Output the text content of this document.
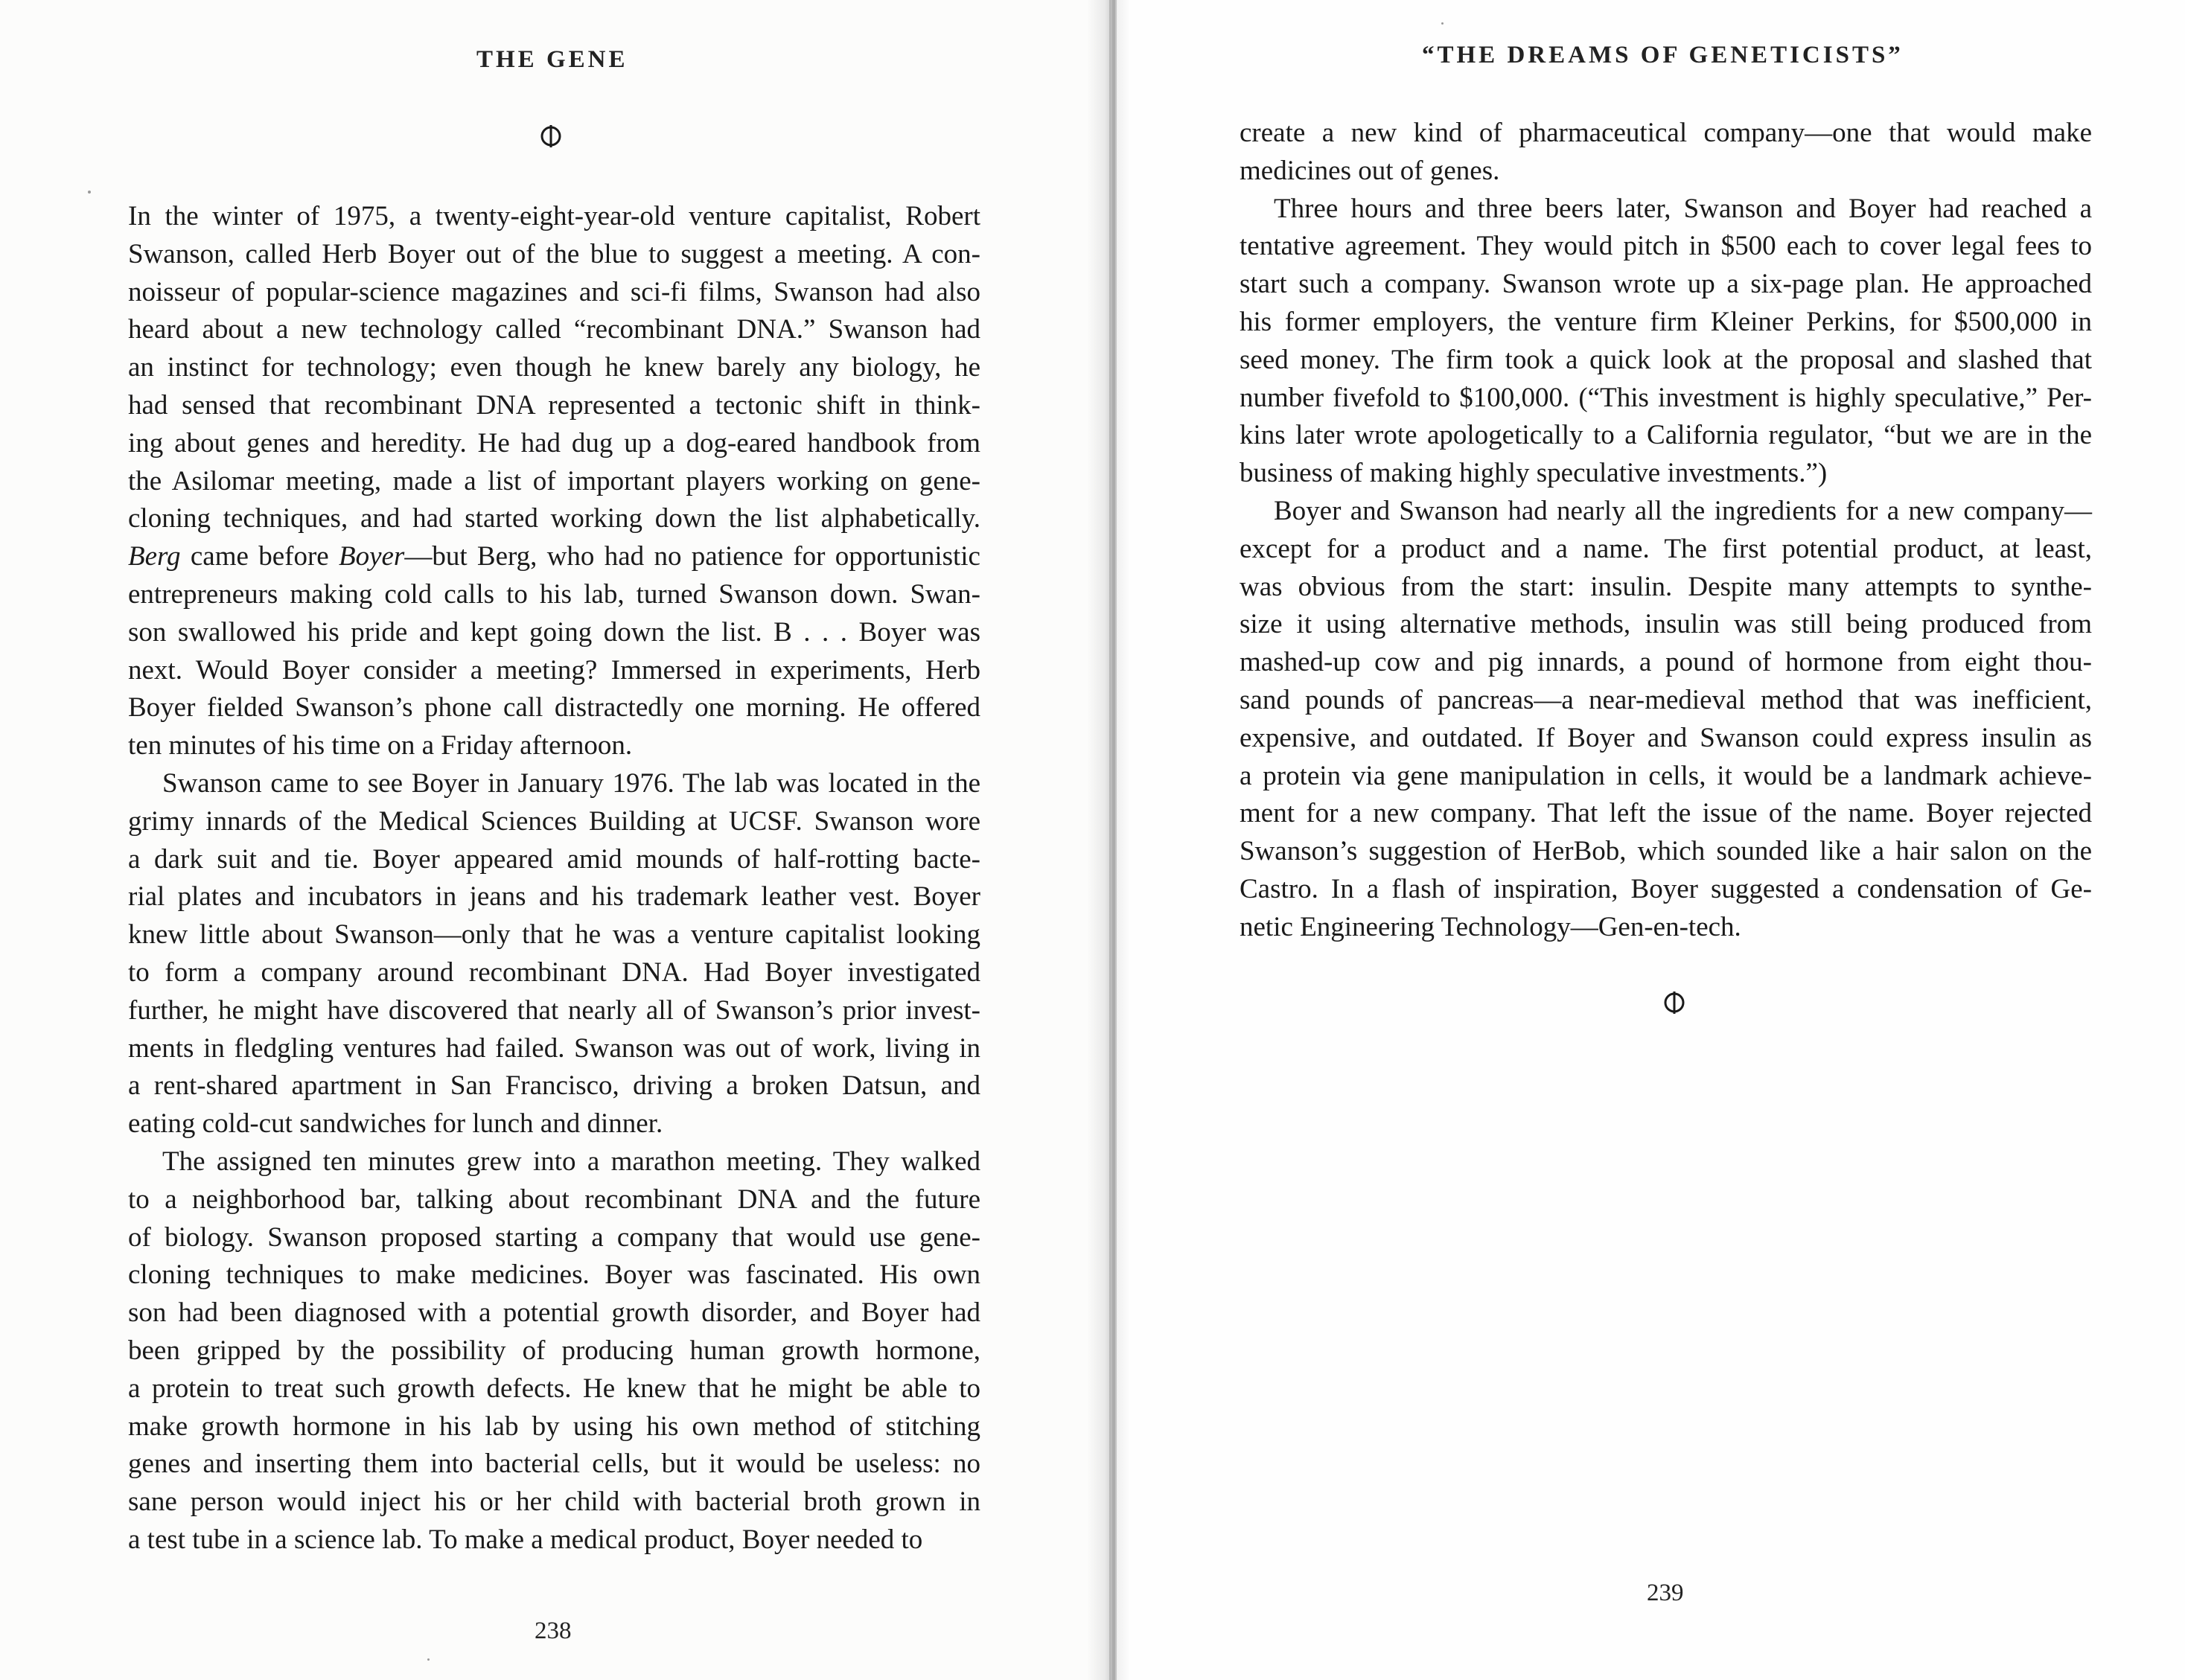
THE GENE
In the winter of 1975, a twenty-eight-year-old venture capitalist, Robert
Swanson, called Herb Boyer out of the blue to suggest a meeting. A con-
noisseur of popular-science magazines and sci-fi films, Swanson had also
heard about a new technology called “recombinant DNA.” Swanson had
an instinct for technology; even though he knew barely any biology, he
had sensed that recombinant DNA represented a tectonic shift in think-
ing about genes and heredity. He had dug up a dog-eared handbook from
the Asilomar meeting, made a list of important players working on gene-
cloning techniques, and had started working down the list alphabetically.
Berg came before Boyer—but Berg, who had no patience for opportunistic
entrepreneurs making cold calls to his lab, turned Swanson down. Swan-
son swallowed his pride and kept going down the list. B . . . Boyer was
next. Would Boyer consider a meeting? Immersed in experiments, Herb
Boyer fielded Swanson’s phone call distractedly one morning. He offered
ten minutes of his time on a Friday afternoon.
Swanson came to see Boyer in January 1976. The lab was located in the
grimy innards of the Medical Sciences Building at UCSF. Swanson wore
a dark suit and tie. Boyer appeared amid mounds of half-rotting bacte-
rial plates and incubators in jeans and his trademark leather vest. Boyer
knew little about Swanson—only that he was a venture capitalist looking
to form a company around recombinant DNA. Had Boyer investigated
further, he might have discovered that nearly all of Swanson’s prior invest-
ments in fledgling ventures had failed. Swanson was out of work, living in
a rent-shared apartment in San Francisco, driving a broken Datsun, and
eating cold-cut sandwiches for lunch and dinner.
The assigned ten minutes grew into a marathon meeting. They walked
to a neighborhood bar, talking about recombinant DNA and the future
of biology. Swanson proposed starting a company that would use gene-
cloning techniques to make medicines. Boyer was fascinated. His own
son had been diagnosed with a potential growth disorder, and Boyer had
been gripped by the possibility of producing human growth hormone,
a protein to treat such growth defects. He knew that he might be able to
make growth hormone in his lab by using his own method of stitching
genes and inserting them into bacterial cells, but it would be useless: no
sane person would inject his or her child with bacterial broth grown in
a test tube in a science lab. To make a medical product, Boyer needed to
238
“THE DREAMS OF GENETICISTS”
create a new kind of pharmaceutical company—one that would make
medicines out of genes.
Three hours and three beers later, Swanson and Boyer had reached a
tentative agreement. They would pitch in $500 each to cover legal fees to
start such a company. Swanson wrote up a six-page plan. He approached
his former employers, the venture firm Kleiner Perkins, for $500,000 in
seed money. The firm took a quick look at the proposal and slashed that
number fivefold to $100,000. (“This investment is highly speculative,” Per-
kins later wrote apologetically to a California regulator, “but we are in the
business of making highly speculative investments.”)
Boyer and Swanson had nearly all the ingredients for a new company—
except for a product and a name. The first potential product, at least,
was obvious from the start: insulin. Despite many attempts to synthe-
size it using alternative methods, insulin was still being produced from
mashed-up cow and pig innards, a pound of hormone from eight thou-
sand pounds of pancreas—a near-medieval method that was inefficient,
expensive, and outdated. If Boyer and Swanson could express insulin as
a protein via gene manipulation in cells, it would be a landmark achieve-
ment for a new company. That left the issue of the name. Boyer rejected
Swanson’s suggestion of HerBob, which sounded like a hair salon on the
Castro. In a flash of inspiration, Boyer suggested a condensation of Ge-
netic Engineering Technology—Gen-en-tech.
239
